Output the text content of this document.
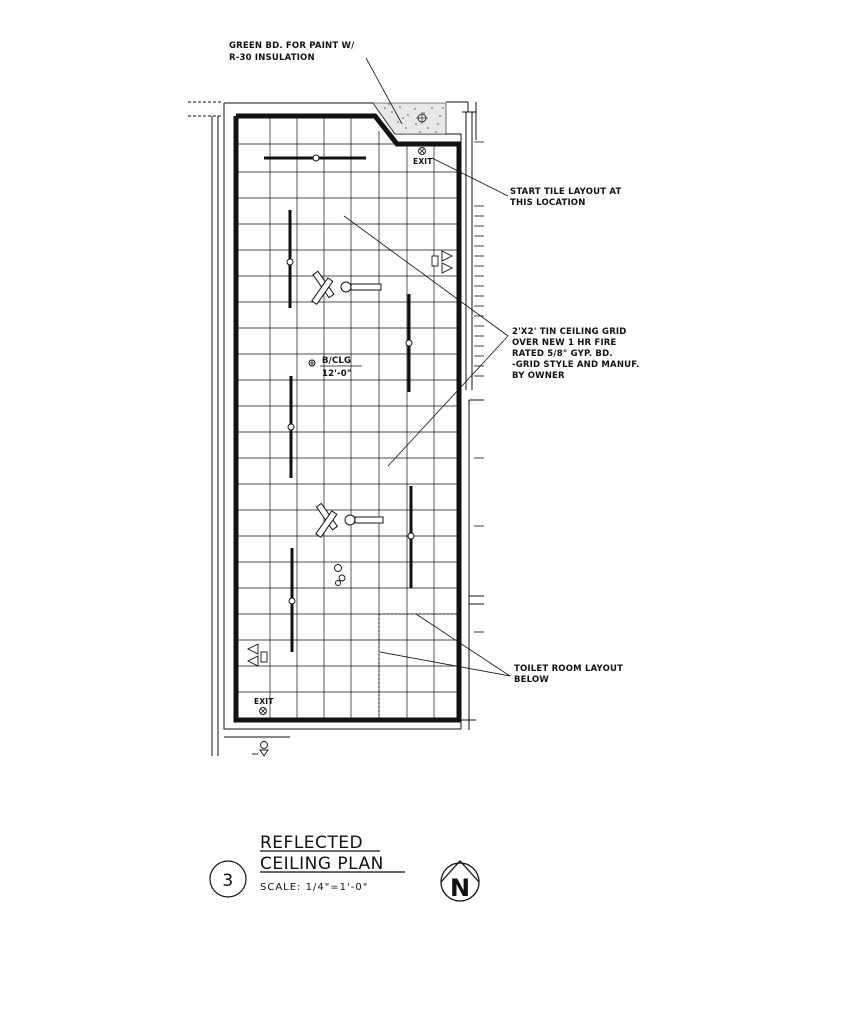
EXIT
EXIT
B/CLG
12'-0"
GREEN BD. FOR PAINT W/
R-30 INSULATION
START TILE LAYOUT AT
THIS LOCATION
2'X2' TIN CEILING GRID
OVER NEW 1 HR FIRE
RATED 5/8" GYP. BD.
-GRID STYLE AND MANUF.
BY OWNER
TOILET ROOM LAYOUT
BELOW
3
REFLECTED
CEILING PLAN
SCALE: 1/4"=1'-0"	N
